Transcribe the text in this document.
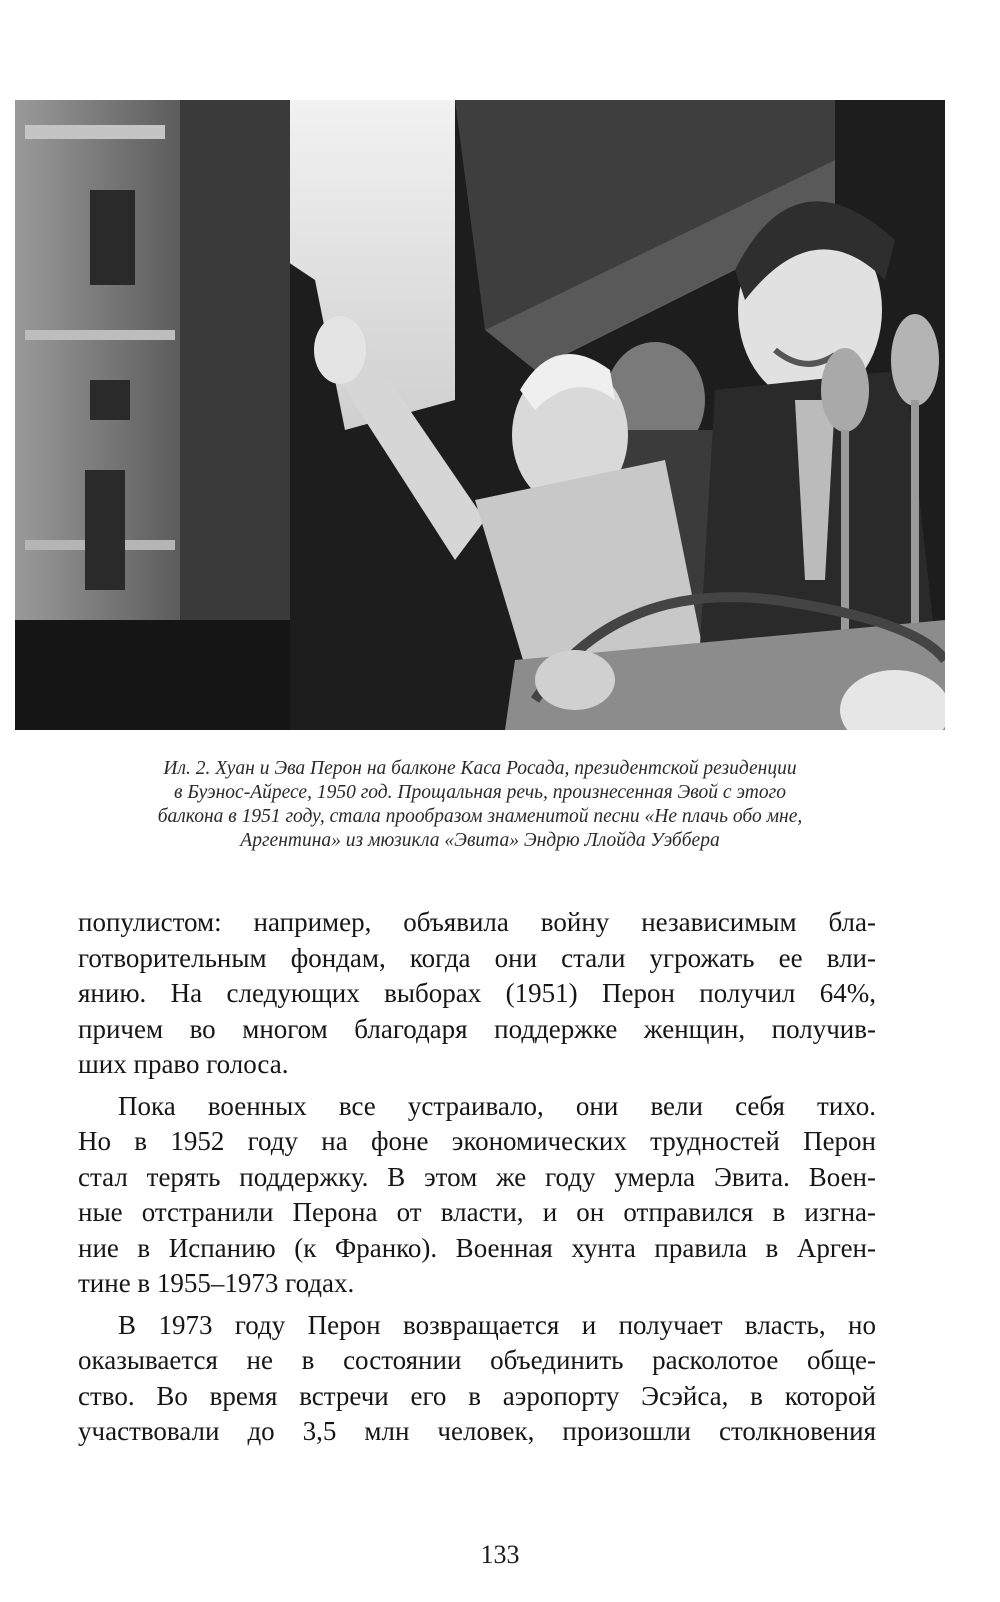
Ил. 2. Хуан и Эва Перон на балконе Каса Росада, президентской резиденции
в Буэнос-Айресе, 1950 год. Прощальная речь, произнесенная Эвой с этого
балкона в 1951 году, стала прообразом знаменитой песни «Не плачь обо мне,
Аргентина» из мюзикла «Эвита» Эндрю Ллойда Уэббера
популистом: например, объявила войну независимым бла-
готворительным фондам, когда они стали угрожать ее вли-
янию. На следующих выборах (1951) Перон получил 64%,
причем во многом благодаря поддержке женщин, получив-
ших право голоса.
Пока военных все устраивало, они вели себя тихо.
Но в 1952 году на фоне экономических трудностей Перон
стал терять поддержку. В этом же году умерла Эвита. Воен-
ные отстранили Перона от власти, и он отправился в изгна-
ние в Испанию (к Франко). Военная хунта правила в Арген-
тине в 1955–1973 годах.
В 1973 году Перон возвращается и получает власть, но
оказывается не в состоянии объединить расколотое обще-
ство. Во время встречи его в аэропорту Эсэйса, в которой
участвовали до 3,5 млн человек, произошли столкновения
133
